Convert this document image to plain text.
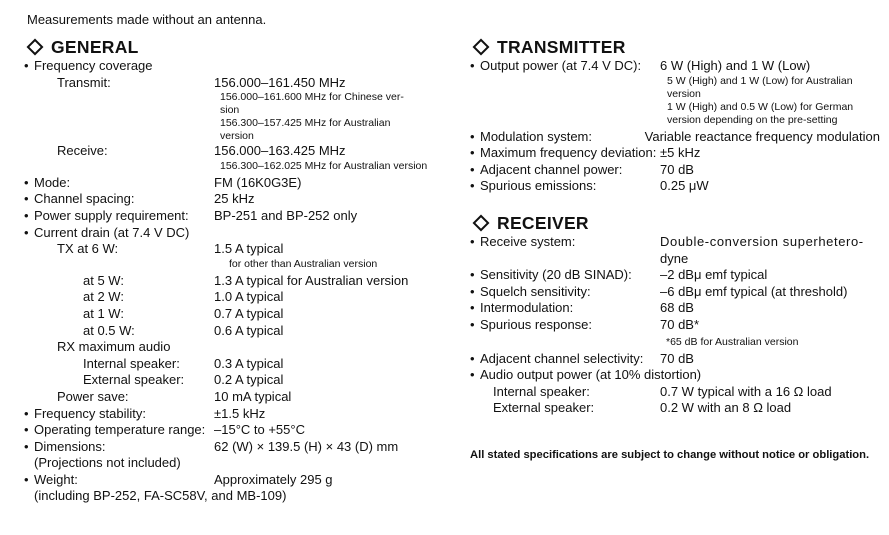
Measurements made without an antenna.
GENERAL
• Frequency coverage
Transmit:	156.000–161.450 MHz
156.000–161.600 MHz for Chinese ver-
sion
156.300–157.425 MHz for Australian
version
Receive:	156.000–163.425 MHz
156.300–162.025 MHz for Australian version
• Mode:	FM (16K0G3E)
• Channel spacing:	25 kHz
• Power supply requirement:	BP-251 and BP-252 only
• Current drain (at 7.4 V DC)
TX at 6 W:	1.5 A typical
for other than Australian version
at 5 W:	1.3 A typical for Australian version
at 2 W:	1.0 A typical
at 1 W:	0.7 A typical
at 0.5 W:	0.6 A typical
RX maximum audio
Internal speaker:	0.3 A typical
External speaker:	0.2 A typical
Power save:	10 mA typical
• Frequency stability:	±1.5 kHz
• Operating temperature range: –15°C to +55°C
• Dimensions:	62 (W) × 139.5 (H) × 43 (D) mm
(Projections not included)
• Weight:	Approximately 295 g
(including BP-252, FA-SC58V, and MB-109)
TRANSMITTER
• Output power (at 7.4 V DC):	6 W (High) and 1 W (Low)
5 W (High) and 1 W (Low) for Australian
version
1 W (High) and 0.5 W (Low) for German
version depending on the pre-setting
• Modulation system:	Variable reactance frequency modulation
• Maximum frequency deviation: ±5 kHz
• Adjacent channel power:	70 dB
• Spurious emissions:	0.25 μW
RECEIVER
• Receive system:	Double-conversion superhetero-
dyne
• Sensitivity (20 dB SINAD):	–2 dBμ emf typical
• Squelch sensitivity:	–6 dBμ emf typical (at threshold)
• Intermodulation:	68 dB
• Spurious response:	70 dB*
*65 dB for Australian version
• Adjacent channel selectivity:	70 dB
• Audio output power (at 10% distortion)
Internal speaker:	0.7 W typical with a 16 Ω load
External speaker:	0.2 W with an 8 Ω load
All stated specifications are subject to change without notice or obligation.
